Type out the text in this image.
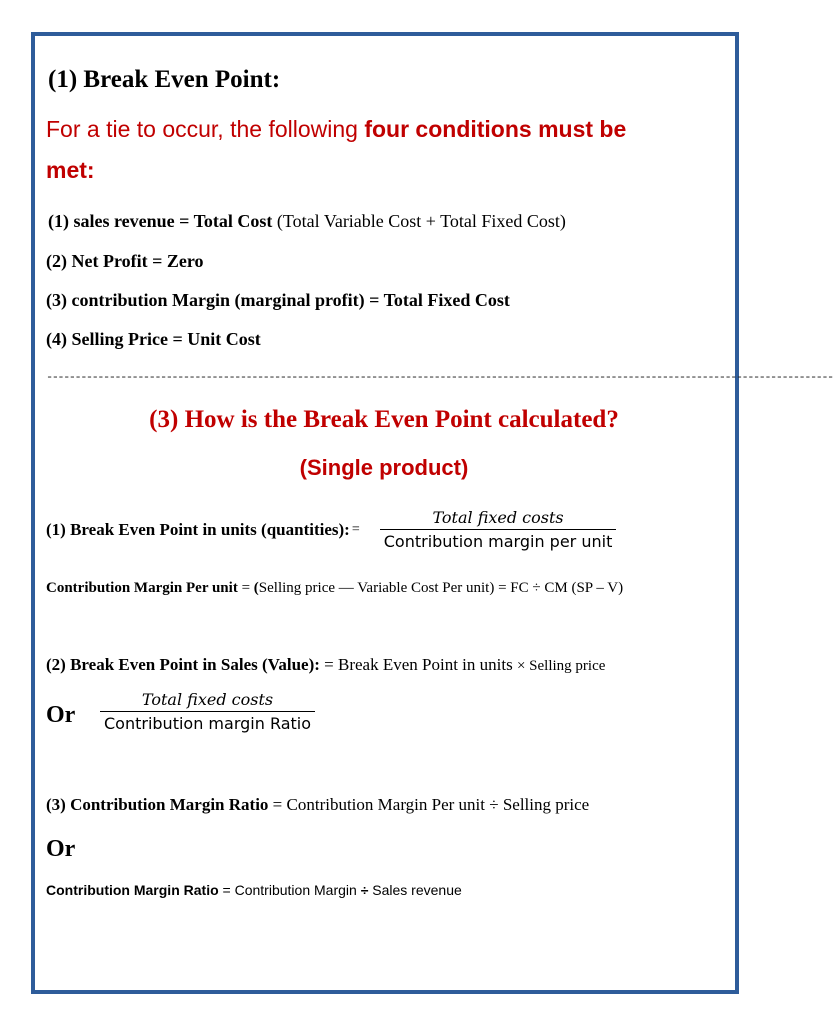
(1) Break Even Point:
For a tie to occur, the following four conditions must be
met:
(1) sales revenue = Total Cost (Total Variable Cost + Total Fixed Cost)
(2) Net Profit = Zero
(3) contribution Margin (marginal profit) = Total Fixed Cost
(4) Selling Price = Unit Cost
------------------------------------------------------------------------------------------------------------------------------------------
(3) How is the Break Even Point calculated?
(Single product)
(1) Break Even Point in units (quantities): = $\frac{\text{Total fixed costs}}{\text{Contribution margin per unit}}$
Contribution Margin Per unit = (Selling price — Variable Cost Per unit) = FC ÷ CM (SP – V)
(2) Break Even Point in Sales (Value): = Break Even Point in units × Selling price
Or $\frac{\text{Total fixed costs}}{\text{Contribution margin Ratio}}$
(3) Contribution Margin Ratio = Contribution Margin Per unit ÷ Selling price
Or
Contribution Margin Ratio = Contribution Margin ÷ Sales revenue
